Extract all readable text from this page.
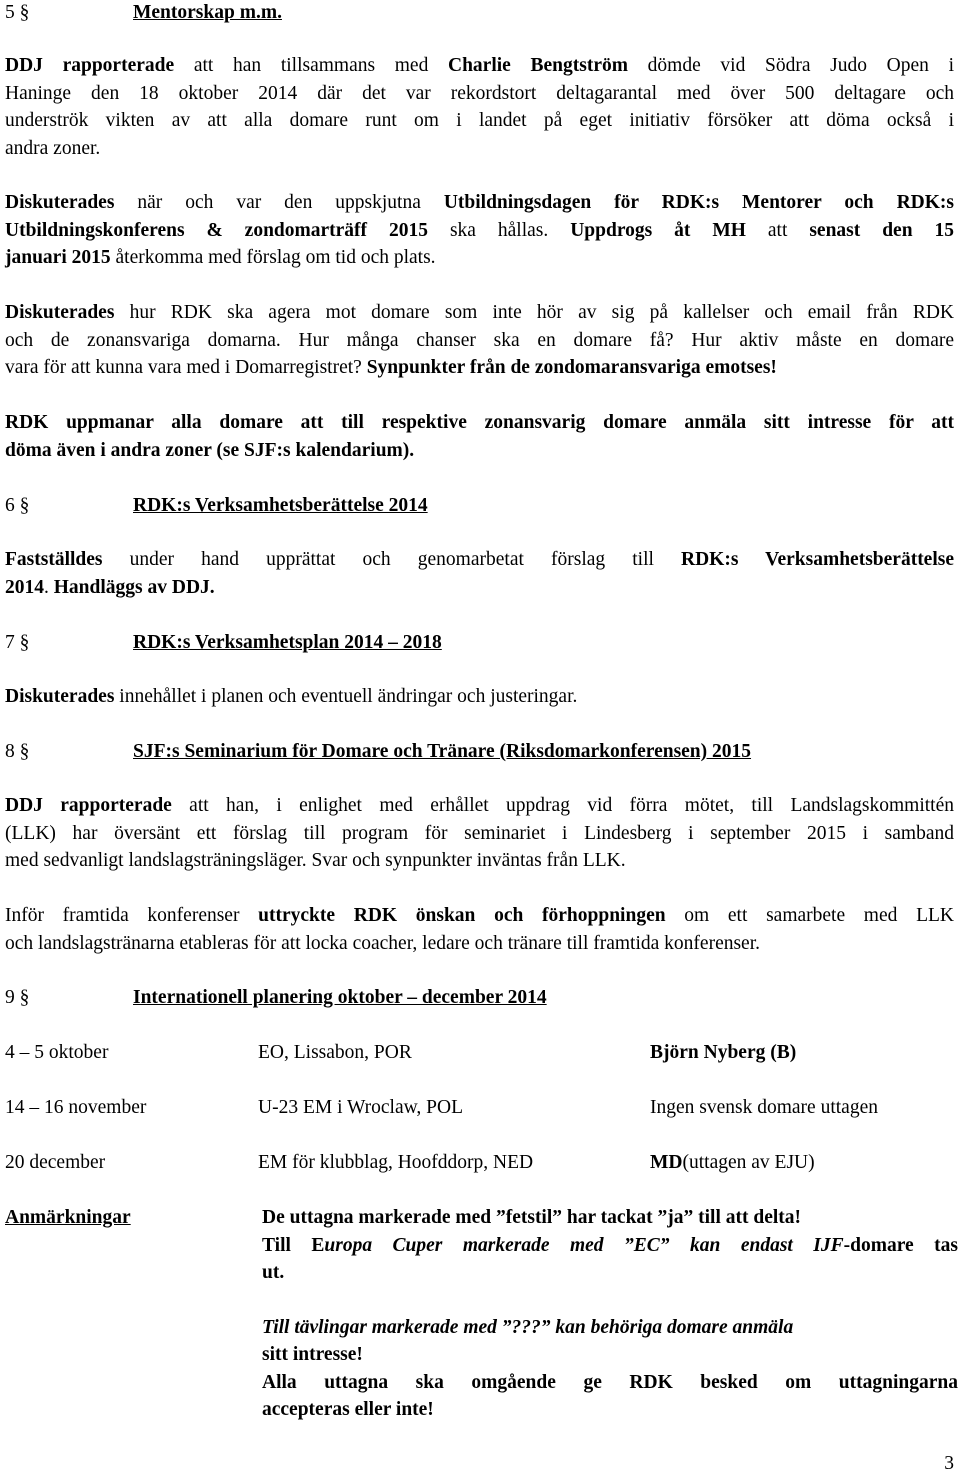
5 §	Mentorskap m.m.

DDJ rapporterade att han tillsammans med Charlie Bengtström dömde vid Södra Judo Open i
Haninge den 18 oktober 2014 där det var rekordstort deltagarantal med över 500 deltagare och
underströk vikten av att alla domare runt om i landet på eget initiativ försöker att döma också i
andra zoner.

Diskuterades när och var den uppskjutna Utbildningsdagen för RDK:s Mentorer och RDK:s
Utbildningskonferens & zondomarträff 2015 ska hållas. Uppdrogs åt MH att senast den 15
januari 2015 återkomma med förslag om tid och plats.

Diskuterades hur RDK ska agera mot domare som inte hör av sig på kallelser och email från RDK
och de zonansvariga domarna. Hur många chanser ska en domare få? Hur aktiv måste en domare
vara för att kunna vara med i Domarregistret? Synpunkter från de zondomaransvariga emotses!

RDK uppmanar alla domare att till respektive zonansvarig domare anmäla sitt intresse för att
döma även i andra zoner (se SJF:s kalendarium).

6 §	RDK:s Verksamhetsberättelse 2014

Fastställdes under hand upprättat och genomarbetat förslag till RDK:s Verksamhetsberättelse
2014. Handläggs av DDJ.

7 §	RDK:s Verksamhetsplan 2014 – 2018

Diskuterades innehållet i planen och eventuell ändringar och justeringar.

8 §	SJF:s Seminarium för Domare och Tränare (Riksdomarkonferensen) 2015

DDJ rapporterade att han, i enlighet med erhållet uppdrag vid förra mötet, till Landslagskommittén
(LLK) har översänt ett förslag till program för seminariet i Lindesberg i september 2015 i samband
med sedvanligt landslagsträningsläger. Svar och synpunkter inväntas från LLK.

Inför framtida konferenser uttryckte RDK önskan och förhoppningen om ett samarbete med LLK
och landslagstränarna etableras för att locka coacher, ledare och tränare till framtida konferenser.

9 §	Internationell planering oktober – december 2014
4 – 5 oktober	EO, Lissabon, POR	Björn Nyberg (B)
14 – 16 november	U-23 EM i Wroclaw, POL	Ingen svensk domare uttagen
20 december	EM för klubblag, Hoofddorp, NED	MD (uttagen av EJU)
Anmärkningar	De uttagna markerade med ”fetstil” har tackat ”ja” till att delta!
Till Europa Cuper markerade med ”EC” kan endast IJF-domare tas
ut.
Till tävlingar markerade med ”???” kan behöriga domare anmäla
sitt intresse!
Alla uttagna ska omgående ge RDK besked om uttagningarna
accepteras eller inte!
3
